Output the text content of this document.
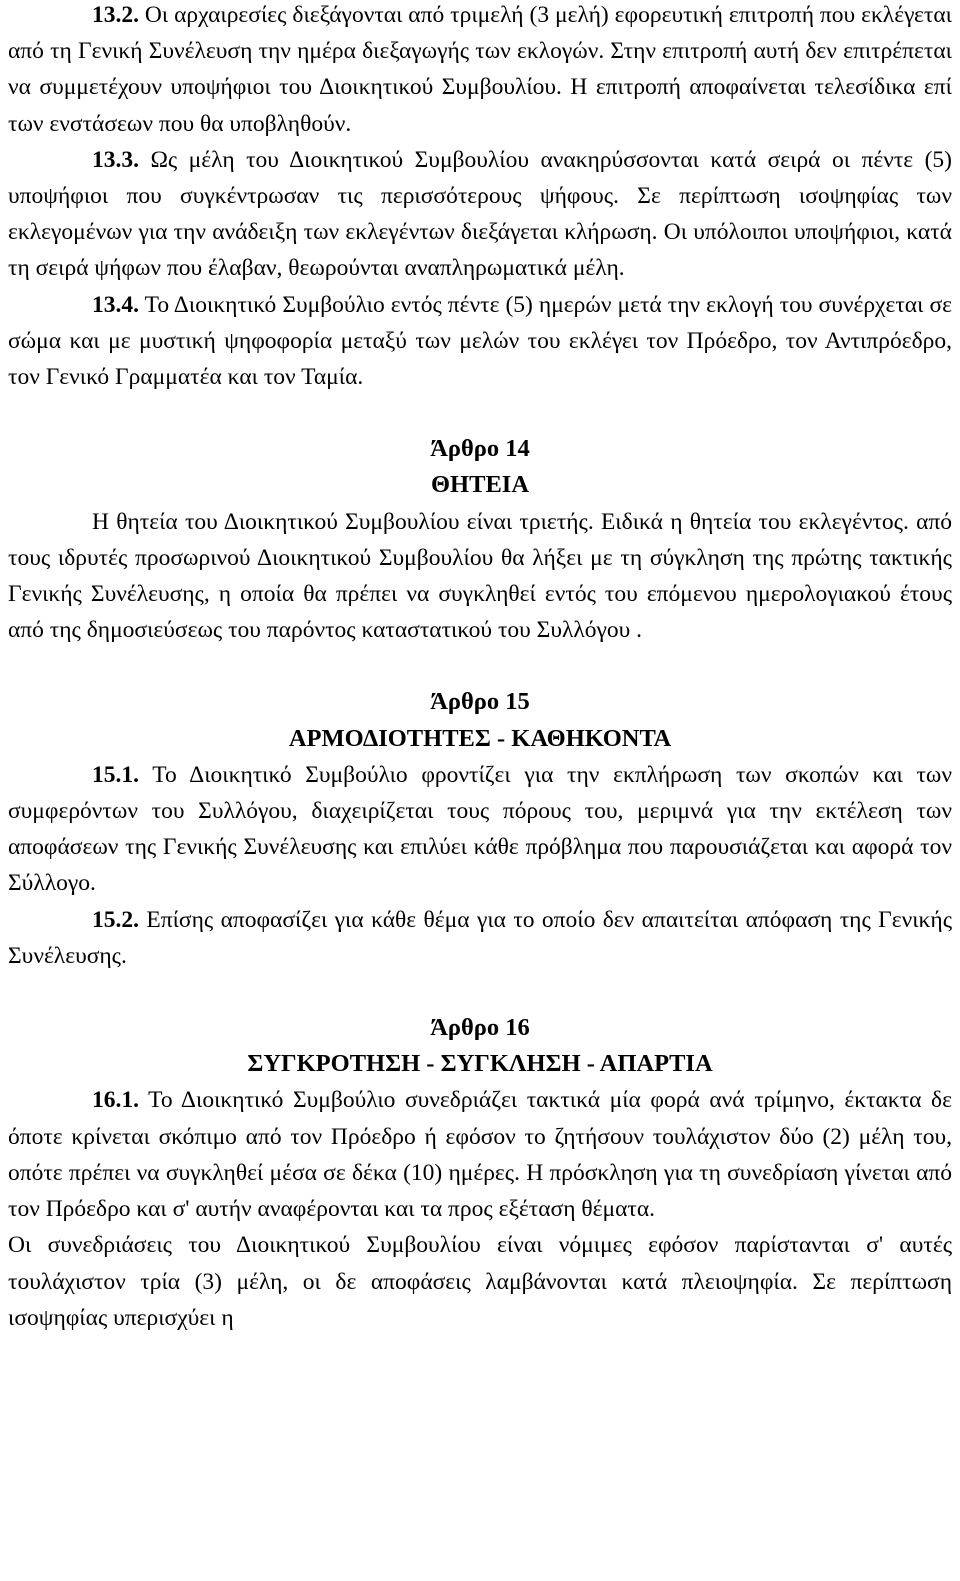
13.2. Οι αρχαιρεσίες διεξάγονται από τριμελή (3 μελή) εφορευτική επιτροπή που εκλέγεται από τη Γενική Συνέλευση την ημέρα διεξαγωγής των εκλογών. Στην επιτροπή αυτή δεν επιτρέπεται να συμμετέχουν υποψήφιοι του Διοικητικού Συμβουλίου. Η επιτροπή αποφαίνεται τελεσίδικα επί των ενστάσεων που θα υποβληθούν.

13.3. Ως μέλη του Διοικητικού Συμβουλίου ανακηρύσσονται κατά σειρά οι πέντε (5) υποψήφιοι που συγκέντρωσαν τις περισσότερους ψήφους. Σε περίπτωση ισοψηφίας των εκλεγομένων για την ανάδειξη των εκλεγέντων διεξάγεται κλήρωση. Οι υπόλοιποι υποψήφιοι, κατά τη σειρά ψήφων που έλαβαν, θεωρούνται αναπληρωματικά μέλη.

13.4. Το Διοικητικό Συμβούλιο εντός πέντε (5) ημερών μετά την εκλογή του συνέρχεται σε σώμα και με μυστική ψηφοφορία μεταξύ των μελών του εκλέγει τον Πρόεδρο, τον Αντιπρόεδρο, τον Γενικό Γραμματέα και τον Ταμία.

Άρθρο 14

ΘΗΤΕΙΑ

Η θητεία του Διοικητικού Συμβουλίου είναι τριετής. Ειδικά η θητεία του εκλεγέντος. από τους ιδρυτές προσωρινού Διοικητικού Συμβουλίου θα λήξει με τη σύγκληση της πρώτης τακτικής Γενικής Συνέλευσης, η οποία θα πρέπει να συγκληθεί εντός του επόμενου ημερολογιακού έτους από της δημοσιεύσεως του παρόντος καταστατικού του Συλλόγου .

Άρθρο 15

ΑΡΜΟΔΙΟΤΗΤΕΣ - ΚΑΘΗΚΟΝΤΑ

15.1. Το Διοικητικό Συμβούλιο φροντίζει για την εκπλήρωση των σκοπών και των συμφερόντων του Συλλόγου, διαχειρίζεται τους πόρους του, μεριμνά για την εκτέλεση των αποφάσεων της Γενικής Συνέλευσης και επιλύει κάθε πρόβλημα που παρουσιάζεται και αφορά τον Σύλλογο.

15.2. Επίσης αποφασίζει για κάθε θέμα για το οποίο δεν απαιτείται απόφαση της Γενικής Συνέλευσης.

Άρθρο 16

ΣΥΓΚΡΟΤΗΣΗ - ΣΥΓΚΛΗΣΗ - ΑΠΑΡΤΙΑ

16.1. Το Διοικητικό Συμβούλιο συνεδριάζει τακτικά μία φορά ανά τρίμηνο, έκτακτα δε όποτε κρίνεται σκόπιμο από τον Πρόεδρο ή εφόσον το ζητήσουν τουλάχιστον δύο (2) μέλη του, οπότε πρέπει να συγκληθεί μέσα σε δέκα (10) ημέρες. Η πρόσκληση για τη συνεδρίαση γίνεται από τον Πρόεδρο και σ' αυτήν αναφέρονται και τα προς εξέταση θέματα.

Οι συνεδριάσεις του Διοικητικού Συμβουλίου είναι νόμιμες εφόσον παρίστανται σ' αυτές τουλάχιστον τρία (3) μέλη, οι δε αποφάσεις λαμβάνονται κατά πλειοψηφία. Σε περίπτωση ισοψηφίας υπερισχύει η
